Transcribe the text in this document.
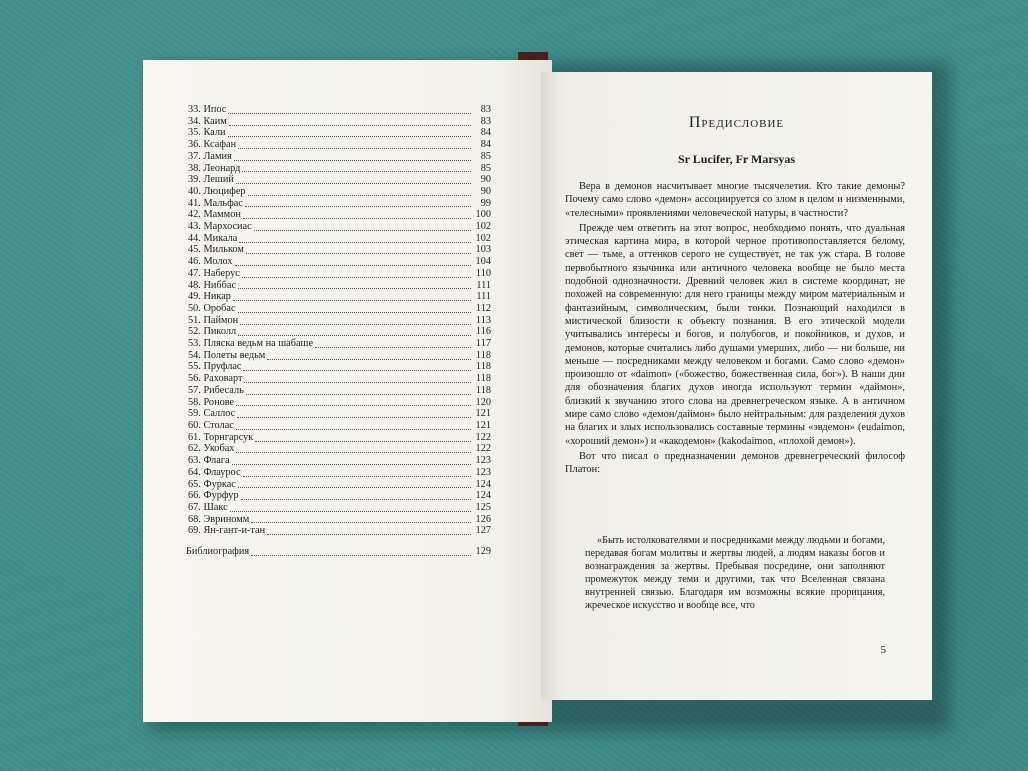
33. Ипос	83
34. Каим	83
35. Кали	84
36. Ксафан	84
37. Ламия	85
38. Леонард	85
39. Леший	90
40. Люцифер	90
41. Мальфас	99
42. Маммон	100
43. Мархосиас	102
44. Микала	102
45. Мильком	103
46. Молох	104
47. Наберус	110
48. Ниббас	111
49. Никар	111
50. Оробас	112
51. Паймон	113
52. Пиколл	116
53. Пляска ведьм на шабаше	117
54. Полеты ведьм	118
55. Пруфлас	118
56. Раховарт	118
57. Рибесаль	118
58. Ронове	120
59. Саллос	121
60. Столас	121
61. Торнгарсук	122
62. Укобах	122
63. Флага	123
64. Флаурос	123
65. Фуркас	124
66. Фурфур	124
67. Шакс	125
68. Эвриномм	126
69. Ян-гант-и-тан	127
Библиография	129
Предисловие
Sr Lucifer, Fr Marsyas

Вера в демонов насчитывает многие тысячелетия. Кто такие демоны? Почему само слово «демон» ассоциируется со злом в целом и низменными, «телесными» проявлениями человеческой натуры, в частности?

Прежде чем ответить на этот вопрос, необходимо понять, что дуальная этическая картина мира, в которой черное противопоставляется белому, свет — тьме, а оттенков серого не существует, не так уж стара. В голове первобытного язычника или античного человека вообще не было места подобной однозначности. Древний человек жил в системе координат, не похожей на современную: для него границы между миром материальным и фантазийным, символическим, были тонки. Познающий находился в мистической близости к объекту познания. В его этической модели учитывались интересы и богов, и полубогов, и покойников, и духов, и демонов, которые считались либо душами умерших, либо — ни больше, ни меньше — посредниками между человеком и богами. Само слово «демон» произошло от «daimon» («божество, божественная сила, бог»). В наши дни для обозначения благих духов иногда используют термин «даймон», близкий к звучанию этого слова на древнегреческом языке. А в античном мире само слово «демон/даймон» было нейтральным: для разделения духов на благих и злых использовались составные термины «эвдемон» (eudaimon, «хороший демон») и «какодемон» (kakodaimon, «плохой демон»).

Вот что писал о предназначении демонов древнегреческий философ Платон:

«Быть истолкователями и посредниками между людьми и богами, передавая богам молитвы и жертвы людей, а людям наказы богов и вознаграждения за жертвы. Пребывая посредине, они заполняют промежуток между теми и другими, так что Вселенная связана внутренней связью. Благодаря им возможны всякие прорицания, жреческое искусство и вообще все, что

5
